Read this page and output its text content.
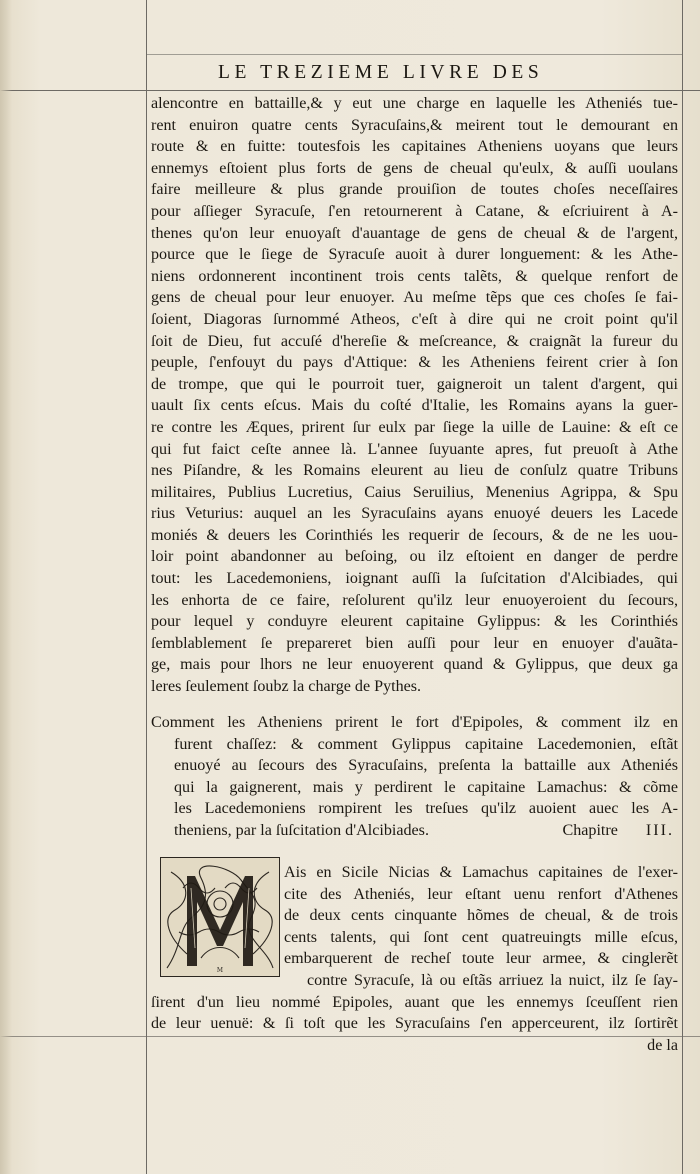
LE TREZIEME LIVRE DES
alencontre en battaille,& y eut une charge en laquelle les Atheniés tue-
rent enuiron quatre cents Syracuſains,& meirent tout le demourant en
route & en fuitte: toutesfois les capitaines Atheniens uoyans que leurs
ennemys eſtoient plus forts de gens de cheual qu'eulx, & auſſi uoulans
faire meilleure & plus grande prouiſion de toutes choſes neceſſaires
pour aſſieger Syracuſe, ſ'en retournerent à Catane, & eſcriuirent à A-
thenes qu'on leur enuoyaſt d'auantage de gens de cheual & de l'argent,
pource que le ſiege de Syracuſe auoit à durer longuement: & les Athe-
niens ordonnerent incontinent trois cents talẽts, & quelque renfort de
gens de cheual pour leur enuoyer. Au meſme tẽps que ces choſes ſe fai-
ſoient, Diagoras ſurnommé Atheos, c'eſt à dire qui ne croit point qu'il
ſoit de Dieu, fut accuſé d'hereſie & meſcreance, & craignãt la fureur du
peuple, ſ'enfouyt du pays d'Attique: & les Atheniens feirent crier à ſon
de trompe, que qui le pourroit tuer, gaigneroit un talent d'argent, qui
uault ſix cents eſcus. Mais du coſté d'Italie, les Romains ayans la guer-
re contre les Æques, prirent ſur eulx par ſiege la uille de Lauine: & eſt ce
qui fut faict ceſte annee là. L'annee ſuyuante apres, fut preuoſt à Athe
nes Piſandre, & les Romains eleurent au lieu de conſulz quatre Tribuns
militaires, Publius Lucretius, Caius Seruilius, Menenius Agrippa, & Spu
rius Veturius: auquel an les Syracuſains ayans enuoyé deuers les Lacede
moniés & deuers les Corinthiés les requerir de ſecours, & de ne les uou-
loir point abandonner au beſoing, ou ilz eſtoient en danger de perdre
tout: les Lacedemoniens, ioignant auſſi la ſuſcitation d'Alcibiades, qui
les enhorta de ce faire, reſolurent qu'ilz leur enuoyeroient du ſecours,
pour lequel y conduyre eleurent capitaine Gylippus: & les Corinthiés
ſemblablement ſe prepareret bien auſſi pour leur en enuoyer d'auãta-
ge, mais pour lhors ne leur enuoyerent quand & Gylippus, que deux ga
leres ſeulement ſoubz la charge de Pythes.
Comment les Atheniens prirent le fort d'Epipoles, & comment ilz en
furent chaſſez: & comment Gylippus capitaine Lacedemonien, eſtãt
enuoyé au ſecours des Syracuſains, preſenta la battaille aux Atheniés
qui la gaignerent, mais y perdirent le capitaine Lamachus: & cõme
les Lacedemoniens rompirent les treſues qu'ilz auoient auec les A-
theniens, par la ſuſcitation d'Alcibiades.	Chapitre III.
M
Ais en Sicile Nicias & Lamachus capitaines de l'exer-
cite des Atheniés, leur eſtant uenu renfort d'Athenes
de deux cents cinquante hõmes de cheual, & de trois
cents talents, qui ſont cent quatreuingts mille eſcus,
embarquerent de recheſ toute leur armee, & cinglerẽt
contre Syracuſe, là ou eſtãs arriuez la nuict, ilz ſe ſay-
ſirent d'un lieu nommé Epipoles, auant que les ennemys ſceuſſent rien
de leur uenuë: & ſi toſt que les Syracuſains ſ'en apperceurent, ilz ſortirẽt
de la
